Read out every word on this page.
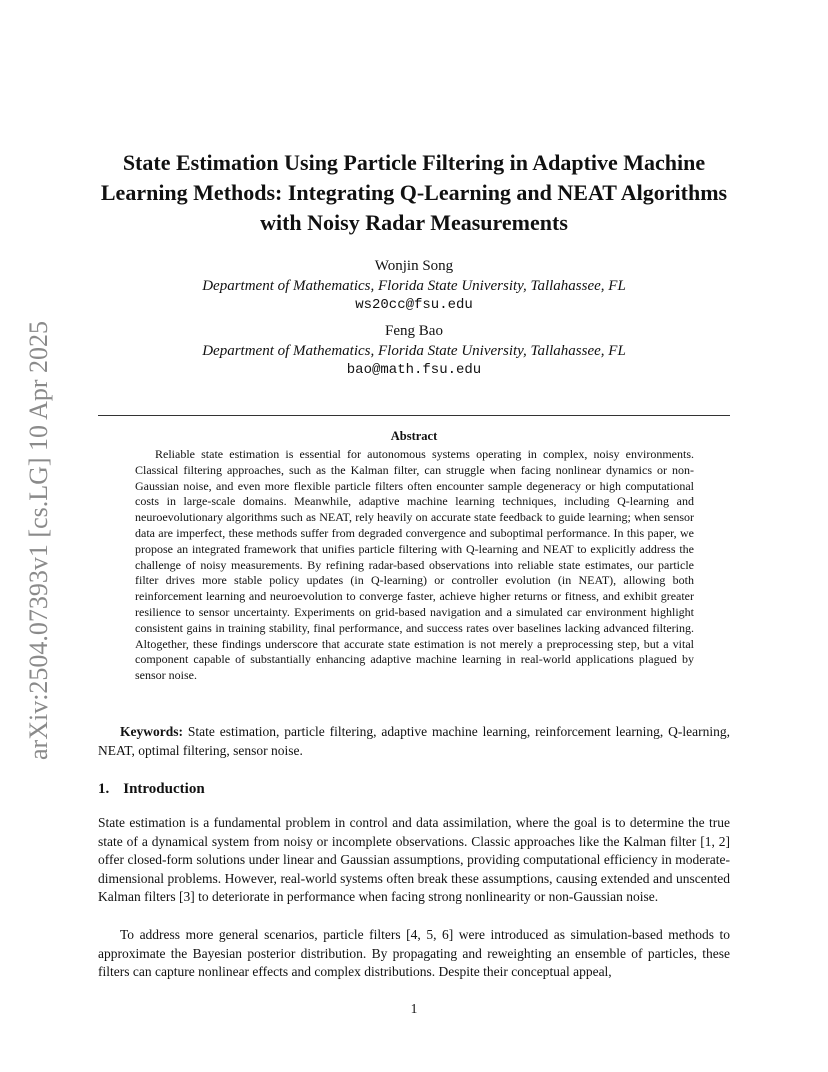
arXiv:2504.07393v1 [cs.LG] 10 Apr 2025
State Estimation Using Particle Filtering in Adaptive Machine Learning Methods: Integrating Q-Learning and NEAT Algorithms with Noisy Radar Measurements
Wonjin Song
Department of Mathematics, Florida State University, Tallahassee, FL
ws20cc@fsu.edu
Feng Bao
Department of Mathematics, Florida State University, Tallahassee, FL
bao@math.fsu.edu
Abstract

Reliable state estimation is essential for autonomous systems operating in complex, noisy environments. Classical filtering approaches, such as the Kalman filter, can struggle when facing nonlinear dynamics or non-Gaussian noise, and even more flexible particle filters often encounter sample degeneracy or high computational costs in large-scale domains. Meanwhile, adaptive machine learning techniques, including Q-learning and neuroevolutionary algorithms such as NEAT, rely heavily on accurate state feedback to guide learning; when sensor data are imperfect, these methods suffer from degraded convergence and suboptimal performance. In this paper, we propose an integrated framework that unifies particle filtering with Q-learning and NEAT to explicitly address the challenge of noisy measurements. By refining radar-based observations into reliable state estimates, our particle filter drives more stable policy updates (in Q-learning) or controller evolution (in NEAT), allowing both reinforcement learning and neuroevolution to converge faster, achieve higher returns or fitness, and exhibit greater resilience to sensor uncertainty. Experiments on grid-based navigation and a simulated car environment highlight consistent gains in training stability, final performance, and success rates over baselines lacking advanced filtering. Altogether, these findings underscore that accurate state estimation is not merely a preprocessing step, but a vital component capable of substantially enhancing adaptive machine learning in real-world applications plagued by sensor noise.

Keywords: State estimation, particle filtering, adaptive machine learning, reinforcement learning, Q-learning, NEAT, optimal filtering, sensor noise.

1. Introduction

State estimation is a fundamental problem in control and data assimilation, where the goal is to determine the true state of a dynamical system from noisy or incomplete observations. Classic approaches like the Kalman filter [1, 2] offer closed-form solutions under linear and Gaussian assumptions, providing computational efficiency in moderate-dimensional problems. However, real-world systems often break these assumptions, causing extended and unscented Kalman filters [3] to deteriorate in performance when facing strong nonlinearity or non-Gaussian noise.

To address more general scenarios, particle filters [4, 5, 6] were introduced as simulation-based methods to approximate the Bayesian posterior distribution. By propagating and reweighting an ensemble of particles, these filters can capture nonlinear effects and complex distributions. Despite their conceptual appeal,

1
